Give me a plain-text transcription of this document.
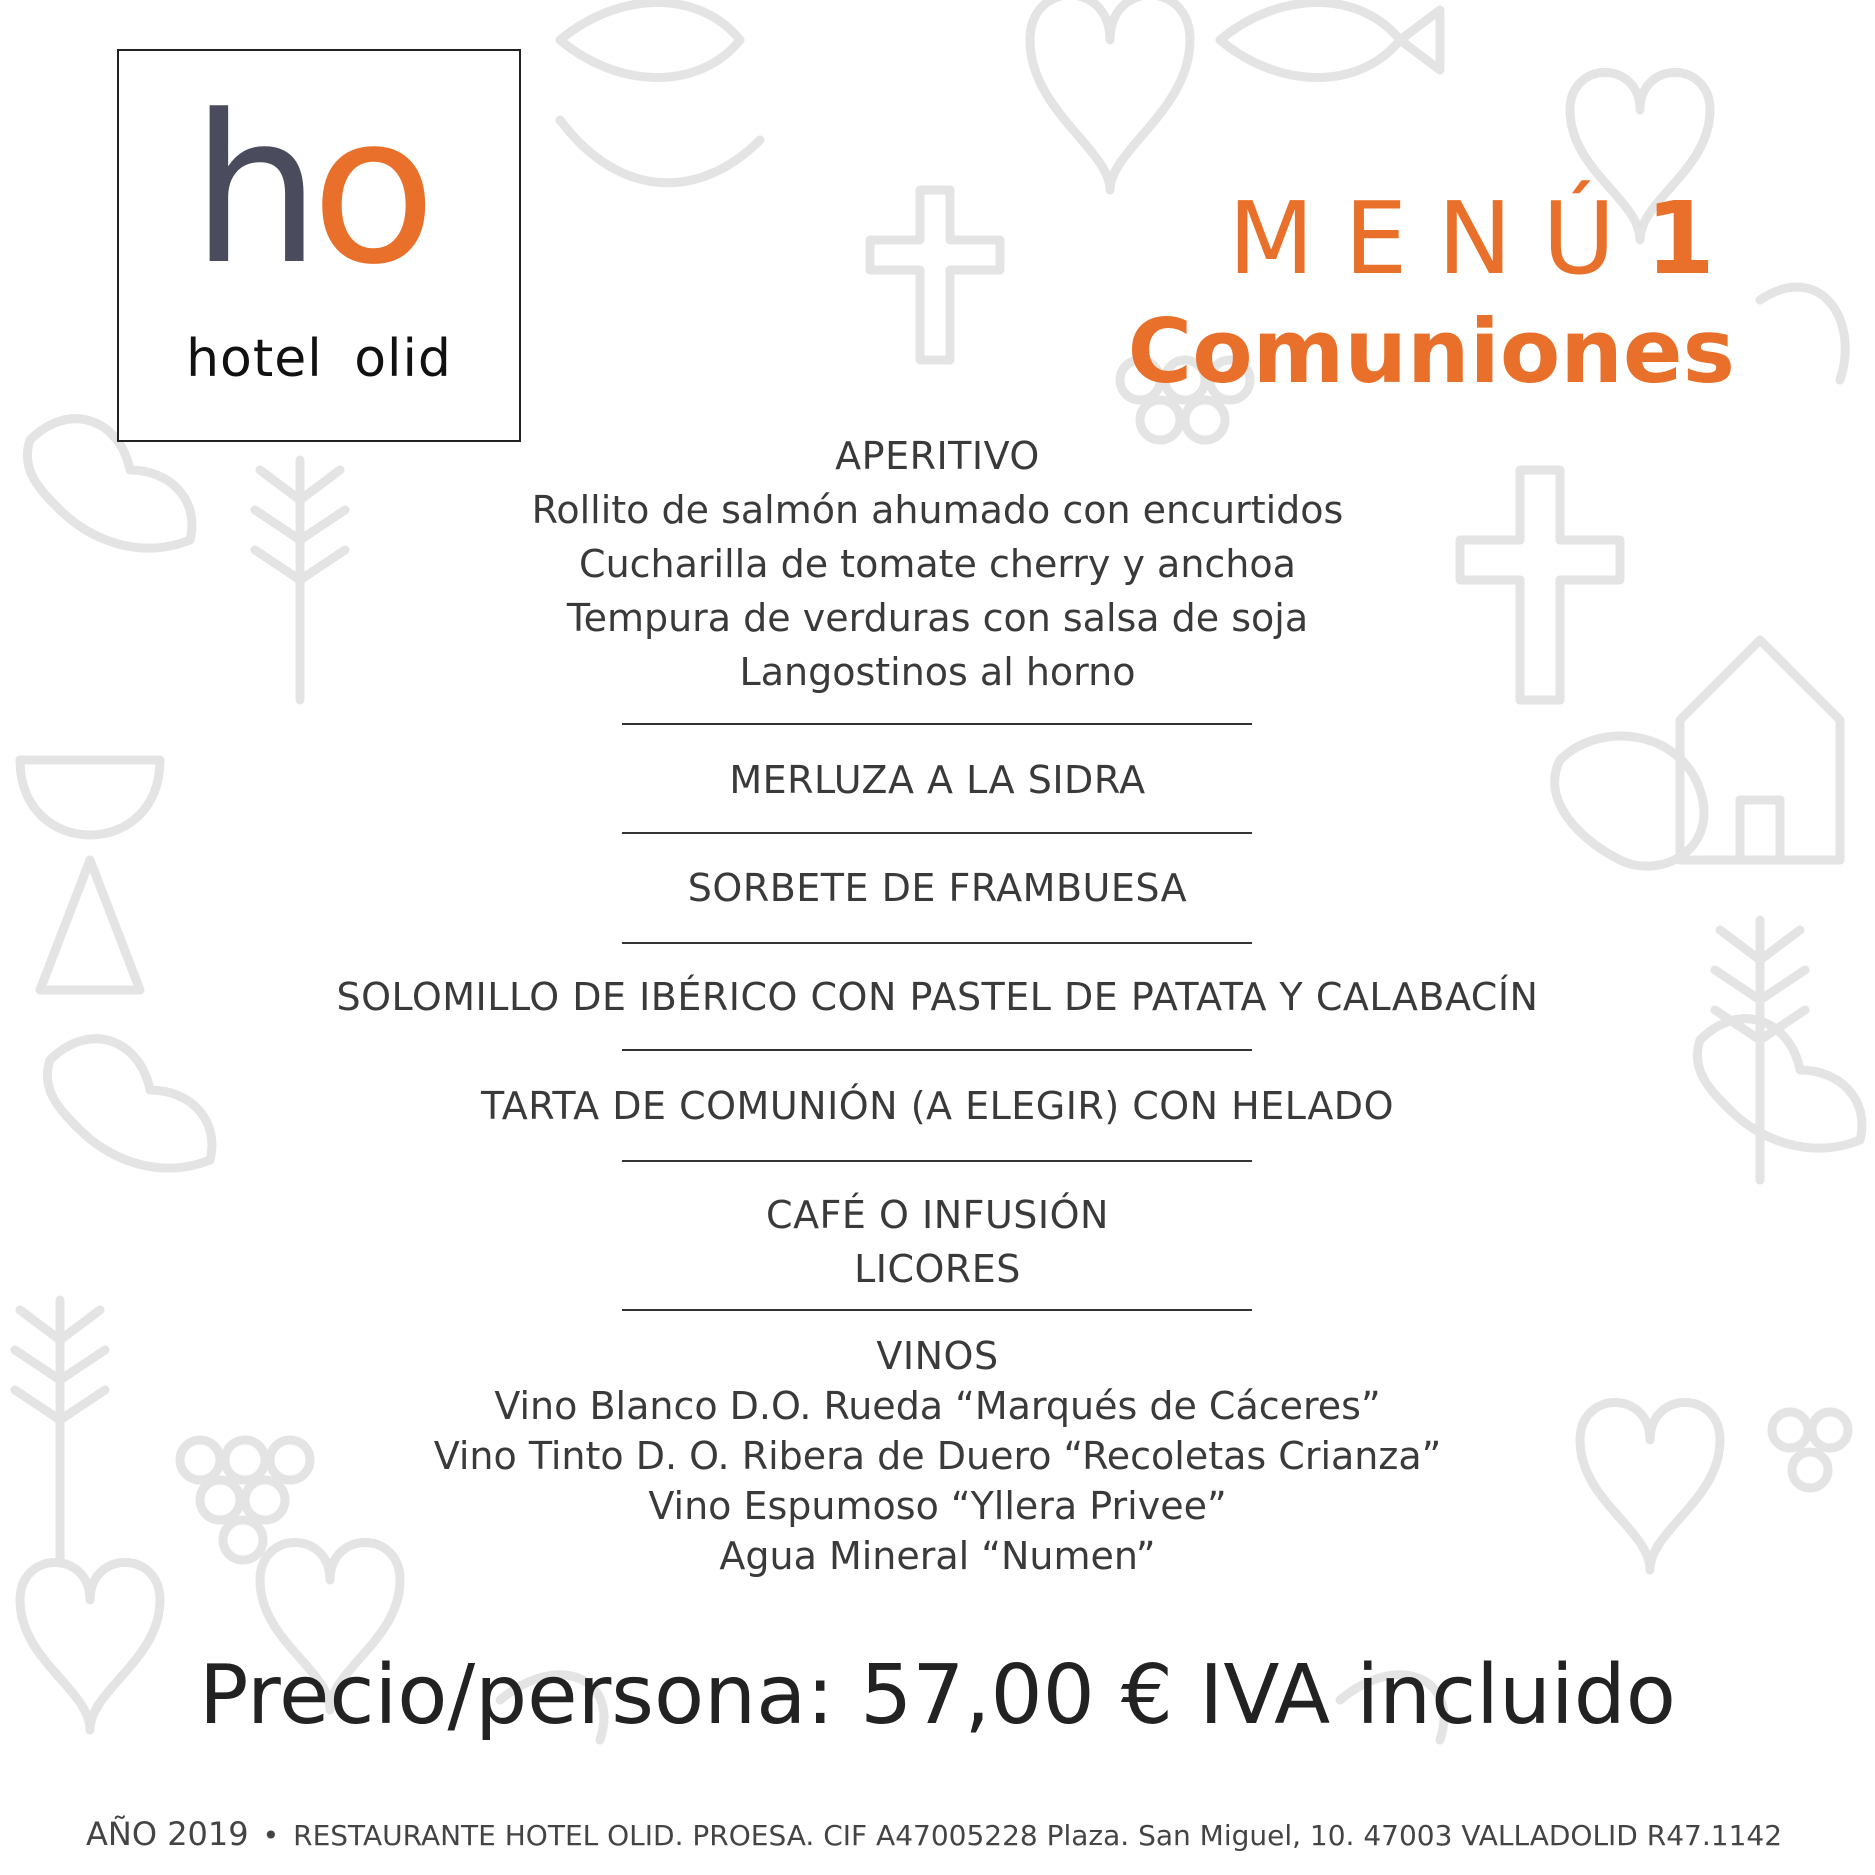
ho
hotel olid
MENÚ1
Comuniones
APERITIVO
Rollito de salmón ahumado con encurtidos
Cucharilla de tomate cherry y anchoa
Tempura de verduras con salsa de soja
Langostinos al horno
MERLUZA A LA SIDRA
SORBETE DE FRAMBUESA
SOLOMILLO DE IBÉRICO CON PASTEL DE PATATA Y CALABACÍN
TARTA DE COMUNIÓN (A ELEGIR) CON HELADO
CAFÉ O INFUSIÓN
LICORES
VINOS
Vino Blanco D.O. Rueda “Marqués de Cáceres”
Vino Tinto D. O. Ribera de Duero “Recoletas Crianza”
Vino Espumoso “Yllera Privee”
Agua Mineral “Numen”
Precio/persona: 57,00 € IVA incluido
AÑO 2019 • RESTAURANTE HOTEL OLID. PROESA. CIF A47005228 Plaza. San Miguel, 10. 47003 VALLADOLID R47.1142
